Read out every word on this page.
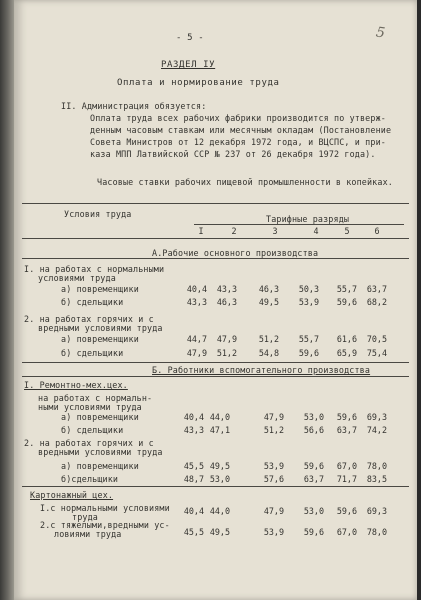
- 5 -	5
РАЗДЕЛ IУ
Оплата и нормирование труда
II. Администрация обязуется:
Оплата труда всех рабочих фабрики производится по утверж-
денным часовым ставкам или месячным окладам (Постановление
Совета Министров от 12 декабря 1972 года, и ВЦСПС, и при-
каза МПП Латвийской ССР № 237 от 26 декабря 1972 года).
Часовые ставки рабочих пищевой промышленности в копейках.
Условия труда	Тарифные разряды
I	2	3	4	5	6
А.Рабочие основного производства
I. на работах с нормальными
условиями труда
а) повременщики	40,4	43,3	46,3	50,3	55,7	63,7
б) сдельщики	43,3	46,3	49,5	53,9	59,6	68,2
2. на работах горячих и с
вредными условиями труда
а) повременщики	44,7	47,9	51,2	55,7	61,6	70,5
б) сдельщики	47,9	51,2	54,8	59,6	65,9	75,4
Б. Работники вспомогательного производства
I. Ремонтно-мех.цех.
на работах с нормальн-
ными условиями труда
а) повременщики	40,4 44,0	47,9	53,0	59,6	69,3
б) сдельщики	43,3 47,1	51,2	56,6	63,7	74,2
2. на работах горячих и с
вредными условиями труда
а) повременщики	45,5 49,5	53,9	59,6	67,0	78,0
б)сдельщики	48,7 53,0	57,6	63,7	71,7	83,5
Картонажный цех.
I.с нормальными условиями
труда
40,4 44,0	47,9	53,0	59,6	69,3
2.с тяжелыми,вредными ус-
ловиями труда	45,5 49,5	53,9	59,6	67,0	78,0
